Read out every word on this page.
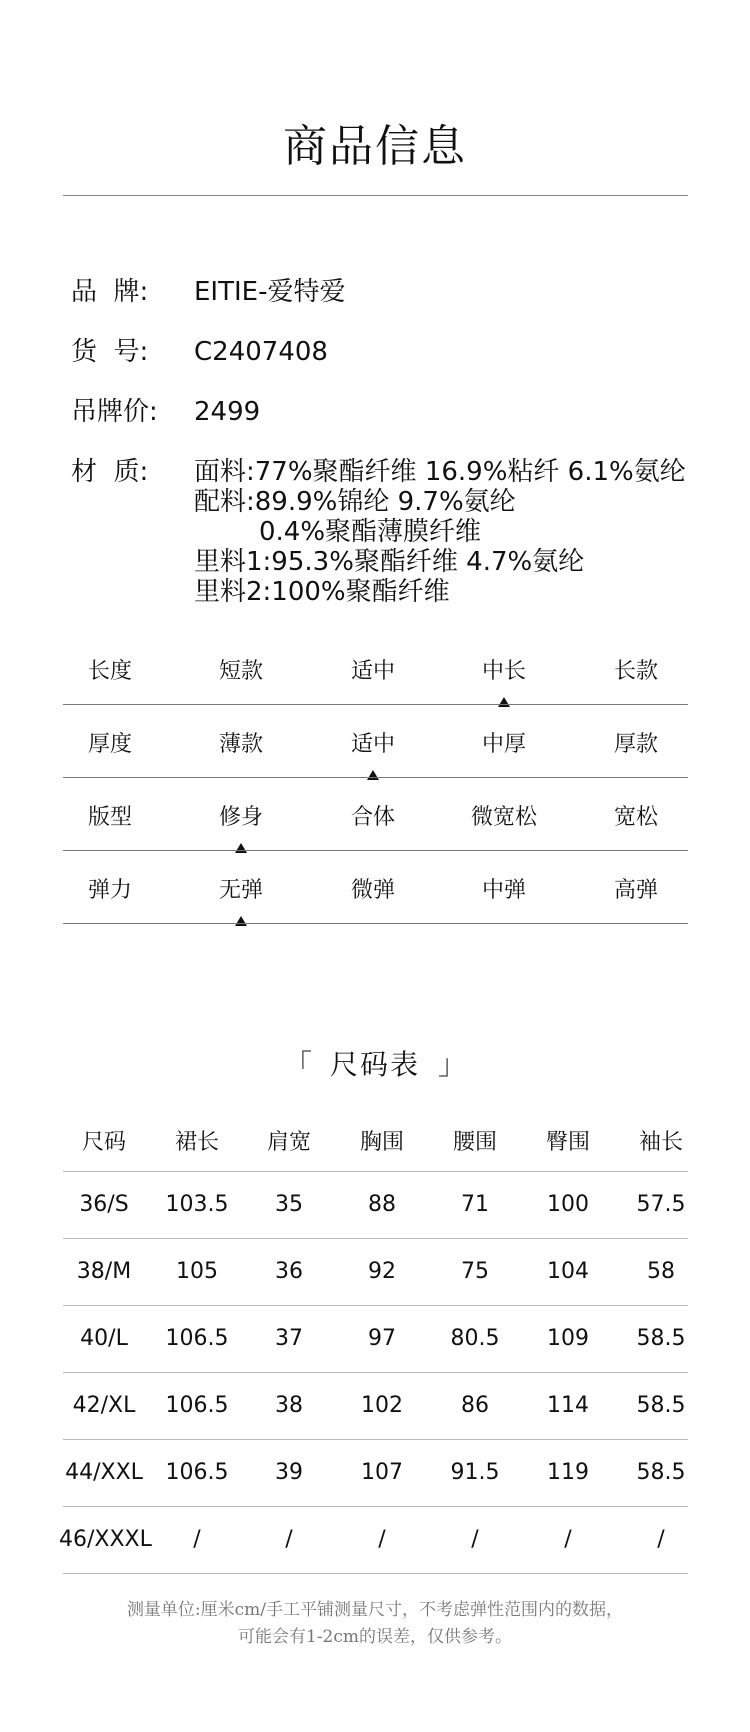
商品信息
品  牌:	EITIE-爱特爱
货  号:	C2407408
吊牌价:	2499
材  质:	面料:77%聚酯纤维 16.9%粘纤 6.1%氨纶
配料:89.9%锦纶 9.7%氨纶
0.4%聚酯薄膜纤维
里料1:95.3%聚酯纤维 4.7%氨纶
里料2:100%聚酯纤维
长度	短款	适中	中长	长款
厚度	薄款	适中	中厚	厚款
版型	修身	合体	微宽松	宽松
弹力	无弹	微弹	中弹	高弹
「 尺码表 」
尺码	裙长	肩宽	胸围	腰围	臀围	袖长
36/S	103.5	35	88	71	100	57.5
38/M	105	36	92	75	104	58
40/L	106.5	37	97	80.5	109	58.5
42/XL	106.5	38	102	86	114	58.5
44/XXL	106.5	39	107	91.5	119	58.5
46/XXXL	/	/	/	/	/	/
测量单位:厘米cm/手工平铺测量尺寸，不考虑弹性范围内的数据，
可能会有1-2cm的误差，仅供参考。
